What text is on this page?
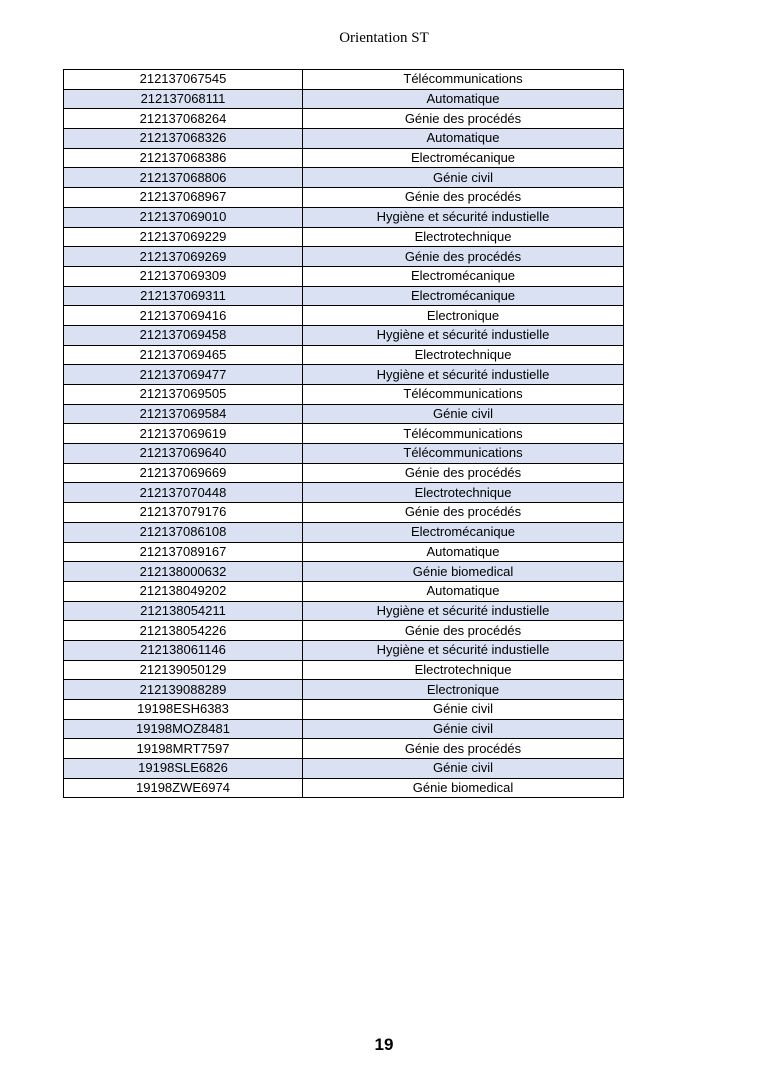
Orientation ST
212137067545	Télécommunications
212137068111	Automatique
212137068264	Génie des procédés
212137068326	Automatique
212137068386	Electromécanique
212137068806	Génie civil
212137068967	Génie des procédés
212137069010	Hygiène et sécurité industielle
212137069229	Electrotechnique
212137069269	Génie des procédés
212137069309	Electromécanique
212137069311	Electromécanique
212137069416	Electronique
212137069458	Hygiène et sécurité industielle
212137069465	Electrotechnique
212137069477	Hygiène et sécurité industielle
212137069505	Télécommunications
212137069584	Génie civil
212137069619	Télécommunications
212137069640	Télécommunications
212137069669	Génie des procédés
212137070448	Electrotechnique
212137079176	Génie des procédés
212137086108	Electromécanique
212137089167	Automatique
212138000632	Génie biomedical
212138049202	Automatique
212138054211	Hygiène et sécurité industielle
212138054226	Génie des procédés
212138061146	Hygiène et sécurité industielle
212139050129	Electrotechnique
212139088289	Electronique
19198ESH6383	Génie civil
19198MOZ8481	Génie civil
19198MRT7597	Génie des procédés
19198SLE6826	Génie civil
19198ZWE6974	Génie biomedical
19
